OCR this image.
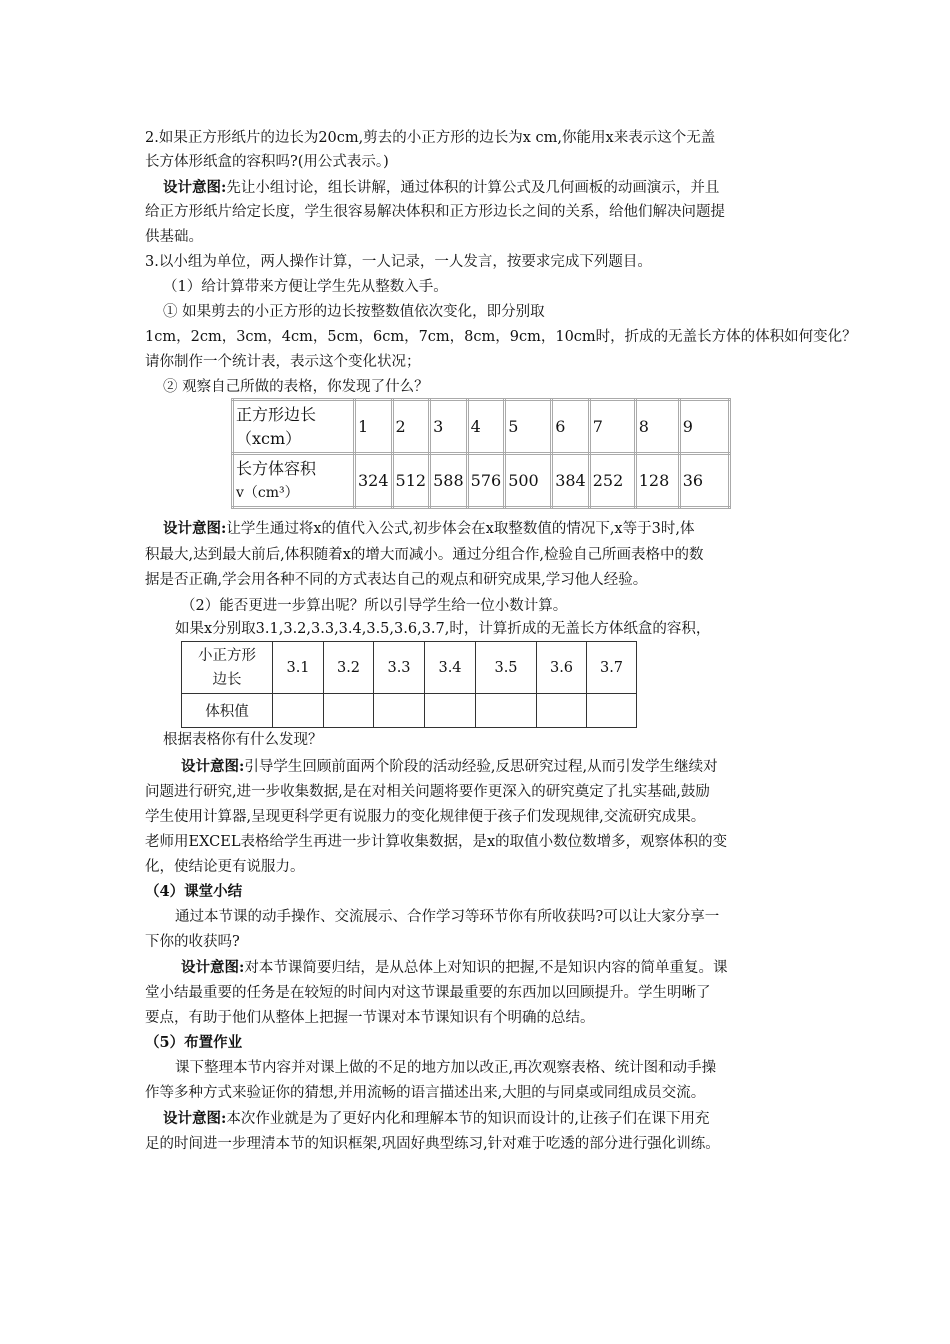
2.如果正方形纸片的边长为20cm,剪去的小正方形的边长为x cm,你能用x来表示这个无盖
长方体形纸盒的容积吗?(用公式表示。)
设计意图:先让小组讨论，组长讲解，通过体积的计算公式及几何画板的动画演示，并且
给正方形纸片给定长度，学生很容易解决体积和正方形边长之间的关系，给他们解决问题提
供基础。
3.以小组为单位，两人操作计算，一人记录，一人发言，按要求完成下列题目。
（1）给计算带来方便让学生先从整数入手。
① 如果剪去的小正方形的边长按整数值依次变化，即分别取
1cm，2cm，3cm，4cm，5cm，6cm，7cm，8cm，9cm，10cm时，折成的无盖长方体的体积如何变化？
请你制作一个统计表，表示这个变化状况；
② 观察自己所做的表格，你发现了什么？
正方形边长
（xcm）	1	2	3	4	5	6	7	8	9

长方体容积
v（cm³）	324	512	588	576	500	384	252	128	36
设计意图:让学生通过将x的值代入公式,初步体会在x取整数值的情况下,x等于3时,体
积最大,达到最大前后,体积随着x的增大而减小。通过分组合作,检验自己所画表格中的数
据是否正确,学会用各种不同的方式表达自己的观点和研究成果,学习他人经验。
（2）能否更进一步算出呢？所以引导学生给一位小数计算。
如果x分别取3.1,3.2,3.3,3.4,3.5,3.6,3.7,时，计算折成的无盖长方体纸盒的容积，
小正方形
边长	3.1	3.2	3.3	3.4	3.5	3.6	3.7
体积值							
根据表格你有什么发现？
设计意图:引导学生回顾前面两个阶段的活动经验,反思研究过程,从而引发学生继续对
问题进行研究,进一步收集数据,是在对相关问题将要作更深入的研究奠定了扎实基础,鼓励
学生使用计算器,呈现更科学更有说服力的变化规律便于孩子们发现规律,交流研究成果。
老师用EXCEL表格给学生再进一步计算收集数据，是x的取值小数位数增多，观察体积的变
化，使结论更有说服力。
（4）课堂小结
通过本节课的动手操作、交流展示、合作学习等环节你有所收获吗?可以让大家分享一
下你的收获吗?
设计意图:对本节课简要归结，是从总体上对知识的把握,不是知识内容的简单重复。课
堂小结最重要的任务是在较短的时间内对这节课最重要的东西加以回顾提升。学生明晰了
要点，有助于他们从整体上把握一节课对本节课知识有个明确的总结。
（5）布置作业
课下整理本节内容并对课上做的不足的地方加以改正,再次观察表格、统计图和动手操
作等多种方式来验证你的猜想,并用流畅的语言描述出来,大胆的与同桌或同组成员交流。
设计意图:本次作业就是为了更好内化和理解本节的知识而设计的,让孩子们在课下用充
足的时间进一步理清本节的知识框架,巩固好典型练习,针对难于吃透的部分进行强化训练。
